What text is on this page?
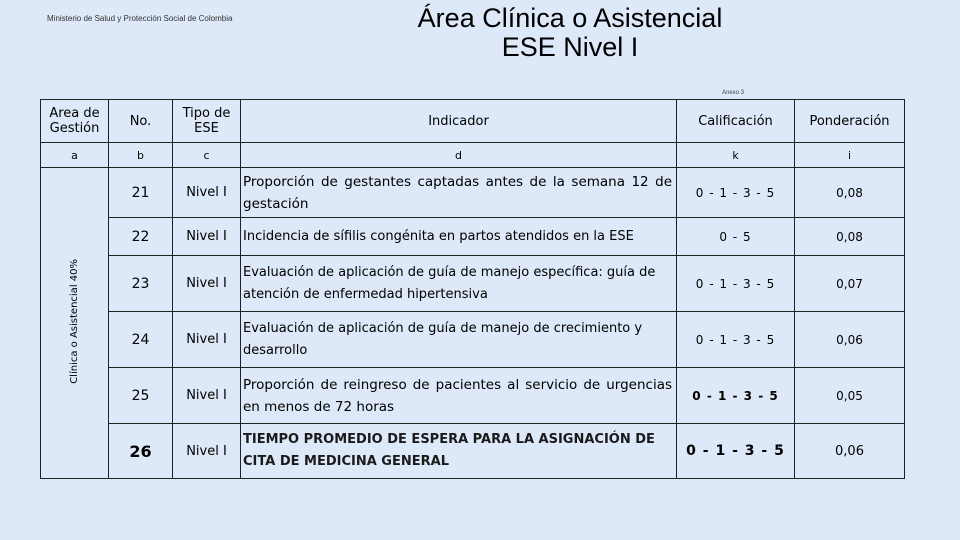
Ministerio de Salud y Protección Social de Colombia	Área Clínica o Asistencial
ESE Nivel I
Anexo 3
Area de Gestión	No.	Tipo de ESE	Indicador	Calificación	Ponderación
a	b	c	d	k	i
Clínica o Asistencial 40%	21	Nivel I	Proporción de gestantes captadas antes de la semana 12 de gestación	0 - 1 - 3 - 5	0,08
	22	Nivel I	Incidencia de sífilis congénita en partos atendidos en la ESE	0 - 5	0,08
	23	Nivel I	Evaluación de aplicación de guía de manejo específica: guía de atención de enfermedad hipertensiva	0 - 1 - 3 - 5	0,07
	24	Nivel I	Evaluación de aplicación de guía de manejo de crecimiento y desarrollo	0 - 1 - 3 - 5	0,06
	25	Nivel I	Proporción de reingreso de pacientes al servicio de urgencias en menos de 72 horas	0 - 1 - 3 - 5	0,05
	26	Nivel I	TIEMPO PROMEDIO DE ESPERA PARA LA ASIGNACIÓN DE CITA DE MEDICINA GENERAL	0 - 1 - 3 - 5	0,06
